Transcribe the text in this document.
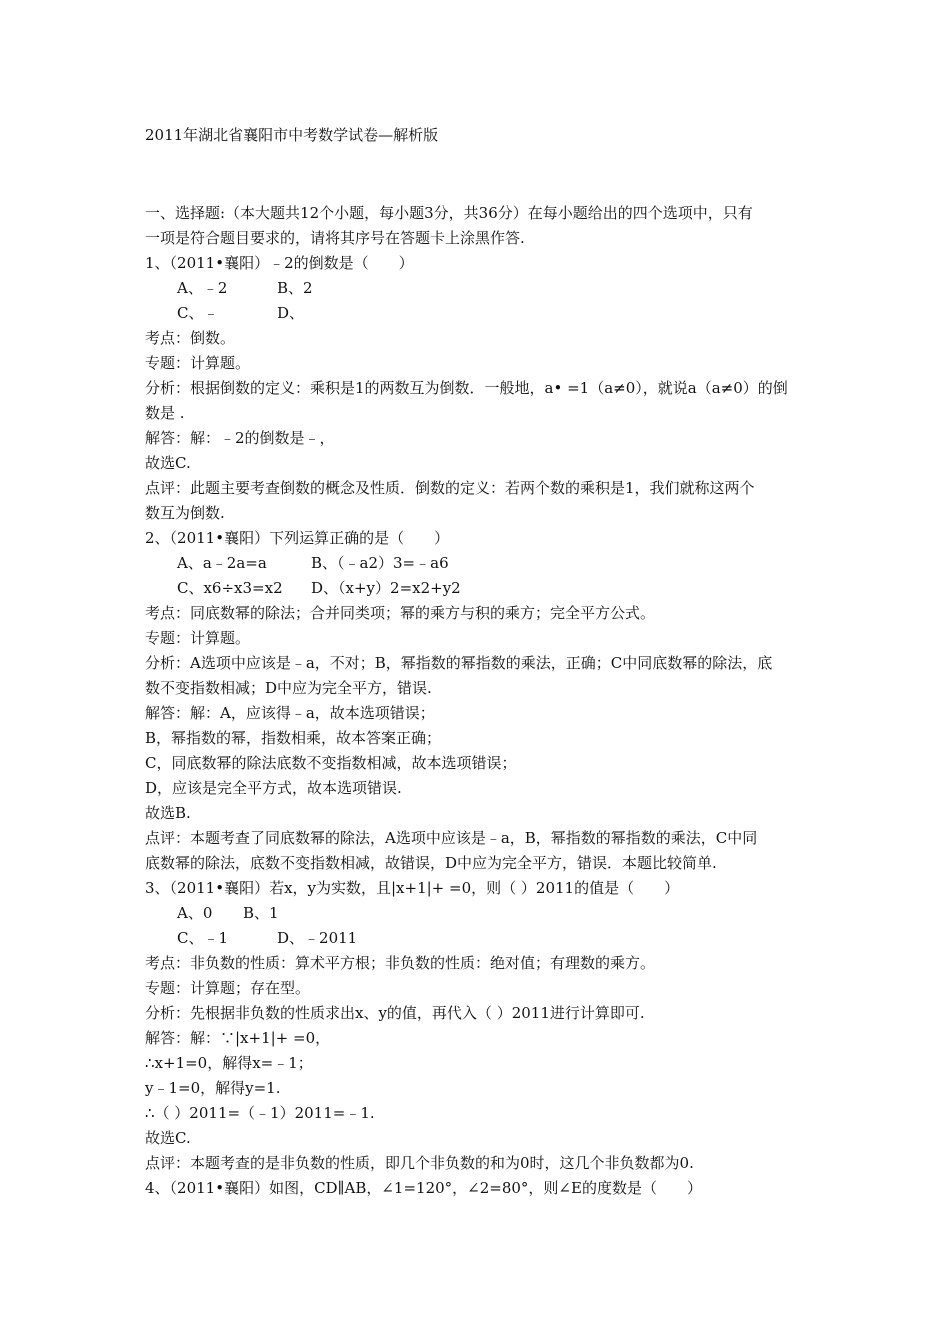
2011年湖北省襄阳市中考数学试卷—解析版
一、选择题:（本大题共12个小题，每小题3分，共36分）在每小题给出的四个选项中，只有
一项是符合题目要求的，请将其序号在答题卡上涂黑作答.
1、（2011•襄阳）﹣2的倒数是（　　）
A、﹣2	B、2
C、﹣	D、
考点：倒数。
专题：计算题。
分析：根据倒数的定义：乘积是1的两数互为倒数．一般地，a• =1（a≠0），就说a（a≠0）的倒
数是 .
解答：解：﹣2的倒数是﹣，
故选C.
点评：此题主要考查倒数的概念及性质．倒数的定义：若两个数的乘积是1，我们就称这两个
数互为倒数.
2、（2011•襄阳）下列运算正确的是（　　）
A、a﹣2a=a	B、（﹣a2）3=﹣a6
C、x6÷x3=x2 D、（x+y）2=x2+y2
考点：同底数幂的除法；合并同类项；幂的乘方与积的乘方；完全平方公式。
专题：计算题。
分析：A选项中应该是﹣a，不对；B，幂指数的幂指数的乘法，正确；C中同底数幂的除法，底
数不变指数相减；D中应为完全平方，错误.
解答：解：A，应该得﹣a，故本选项错误；
B，幂指数的幂，指数相乘，故本答案正确；
C，同底数幂的除法底数不变指数相减，故本选项错误；
D，应该是完全平方式，故本选项错误.
故选B.
点评：本题考查了同底数幂的除法，A选项中应该是﹣a，B，幂指数的幂指数的乘法，C中同
底数幂的除法，底数不变指数相减，故错误，D中应为完全平方，错误．本题比较简单.
3、（2011•襄阳）若x，y为实数，且|x+1|+ =0，则（ ）2011的值是（　　）
A、0 B、1
C、﹣1	D、﹣2011
考点：非负数的性质：算术平方根；非负数的性质：绝对值；有理数的乘方。
专题：计算题；存在型。
分析：先根据非负数的性质求出x、y的值，再代入（ ）2011进行计算即可.
解答：解：∵|x+1|+ =0，
∴x+1=0，解得x=﹣1；
y﹣1=0，解得y=1.
∴（ ）2011=（﹣1）2011=﹣1.
故选C.
点评：本题考查的是非负数的性质，即几个非负数的和为0时，这几个非负数都为0.
4、（2011•襄阳）如图，CD∥AB，∠1=120°，∠2=80°，则∠E的度数是（　　）
